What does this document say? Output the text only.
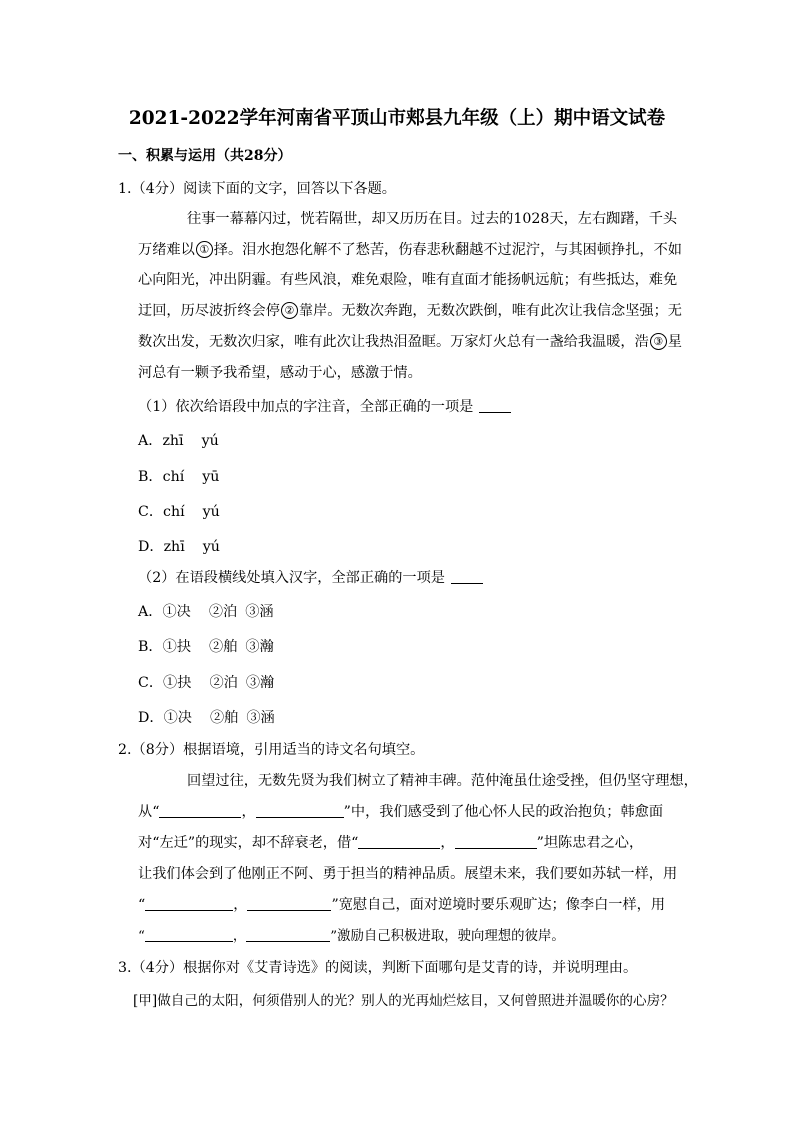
2021-2022学年河南省平顶山市郏县九年级（上）期中语文试卷
一、积累与运用（共28分）
1.（4分）阅读下面的文字，回答以下各题。
往事一幕幕闪过，恍若隔世，却又历历在目。过去的1028天，左右踟躇，千头
万绪难以 ① 择。泪水抱怨化解不了愁苦，伤春悲秋翻越不过泥泞，与其困顿挣扎，不如
心向阳光，冲出阴霾。有些风浪，难免艰险，唯有直面才能扬帆远航；有些抵达，难免
迂回，历尽波折终会停 ② 靠岸。无数次奔跑，无数次跌倒，唯有此次让我信念坚强；无
数次出发，无数次归家，唯有此次让我热泪盈眶。万家灯火总有一盏给我温暖，浩 ③ 星
河总有一颗予我希望，感动于心，感激于情。
（1）依次给语段中加点的字注音，全部正确的一项是
A．zhī yú
B．chí yū
C．chí yú
D．zhī yú
（2）在语段横线处填入汉字，全部正确的一项是
A．①决 ②泊 ③涵
B．①抉 ②舶 ③瀚
C．①抉 ②泊 ③瀚
D．①决 ②舶 ③涵
2.（8分）根据语境，引用适当的诗文名句填空。
回望过往，无数先贤为我们树立了精神丰碑。范仲淹虽仕途受挫，但仍坚守理想，
从“	，	”中，我们感受到了他心怀人民的政治抱负；韩愈面
对“左迁”的现实，却不辞衰老，借“	，	”坦陈忠君之心，
让我们体会到了他刚正不阿、勇于担当的精神品质。展望未来，我们要如苏轼一样，用
“	，	”宽慰自己，面对逆境时要乐观旷达；像李白一样，用
“	，	”激励自己积极进取，驶向理想的彼岸。
3.（4分）根据你对《艾青诗选》的阅读，判断下面哪句是艾青的诗，并说明理由。
[甲]做自己的太阳，何须借别人的光？别人的光再灿烂炫目，又何曾照进并温暖你的心房？
